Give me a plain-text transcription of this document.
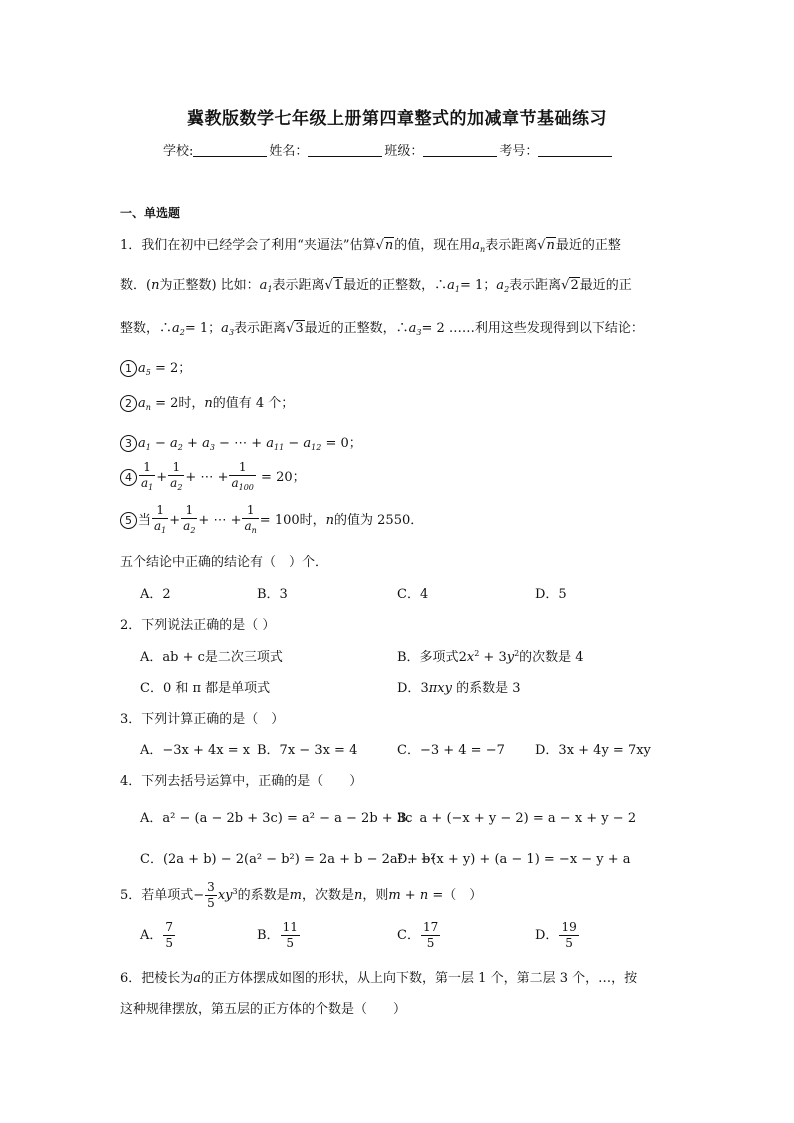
冀教版数学七年级上册第四章整式的加减章节基础练习
学校:	姓名：	班级：	考号：
一、单选题
1．我们在初中已经学会了利用“夹逼法”估算√n的值，现在用$a_n$表示距离√n最近的正整
数．(n为正整数) 比如：$a_1$表示距离√1最近的正整数，$\therefore a_1= 1$；$a_2$表示距离√2最近的正
整数，$\therefore a_2= 1$；$a_3$表示距离√3最近的正整数，$\therefore a_3= 2$ ……利用这些发现得到以下结论：
1 $a_5 = 2$；
2 $a_n = 2$时，n的值有 4 个；
3 $a_1 - a_2 + a_3$ − ⋯ + $a_{11} - a_{12} = 0$；
$4 \frac{1}{a_1} + \frac{1}{a_2}$ + ⋯ + $\frac{1}{a_{100}} = 20$；
5 当 $\frac{1}{a_1} + \frac{1}{a_2}$ + ⋯ + $\frac{1}{a_n} = 100$时，n的值为 2550．
五个结论中正确的结论有（　）个．
A．2	B．3	C．4	D．5
2．下列说法正确的是（ ）
A．ab + c是二次三项式	B．多项式$2x^2 + 3y^2$的次数是 4
C．0 和 π 都是单项式	D．3πxy 的系数是 3
3．下列计算正确的是（　）
A．−3x + 4x = x B．7x − 3x = 4	C．−3 + 4 = −7 D．3x + 4y = 7xy
4．下列去括号运算中，正确的是（　　）
A．a² − (a − 2b + 3c) = a² − a − 2b + 3c
B．a + (−x + y − 2) = a − x + y − 2
C．(2a + b) − 2(a² − b²) = 2a + b − 2a² + b²
D．−(x + y) + (a − 1) = −x − y + a
5．若单项式− $\frac{3}{5} xy^3$的系数是m，次数是n，则m + n =（　）
A． $\frac{7}{5}$	B． $\frac{11}{5}$	C． $\frac{17}{5}$	D． $\frac{19}{5}$
6．把棱长为a的正方体摆成如图的形状，从上向下数，第一层 1 个，第二层 3 个，…，按
这种规律摆放，第五层的正方体的个数是（　　）
